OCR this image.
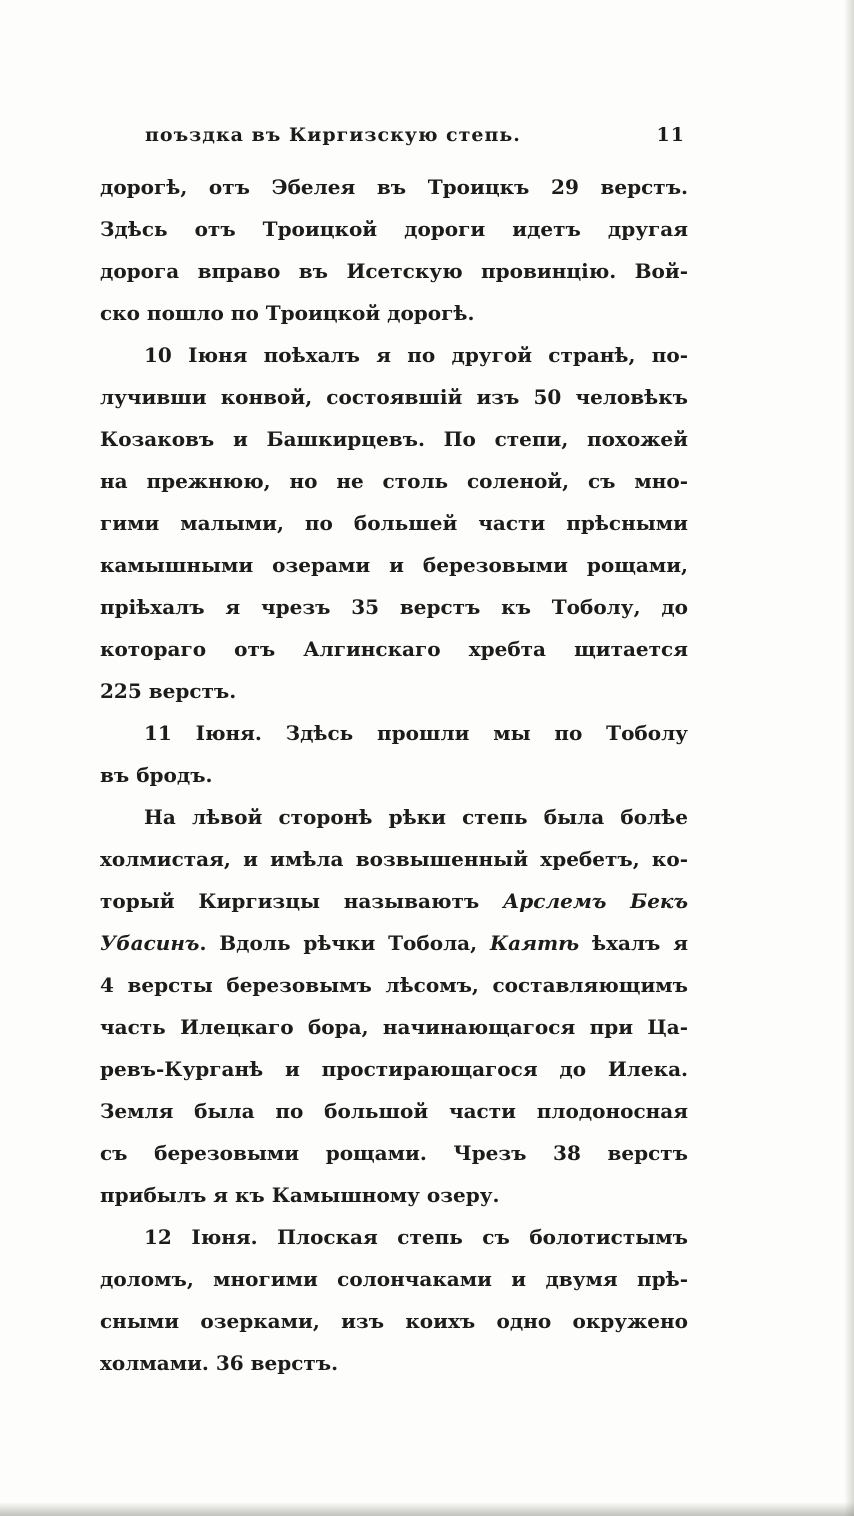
поъздка въ Киргизскую степь.	11
дорогѣ, отъ Эбелея въ Троицкъ 29 верстъ.
Здѣсь отъ Троицкой дороги идетъ другая
дорога вправо въ Исетскую провинцію. Вой-
ско пошло по Троицкой дорогѣ.
10 Іюня поѣхалъ я по другой странѣ, по-
лучивши конвой, состоявшій изъ 50 человѣкъ
Козаковъ и Башкирцевъ. По степи, похожей
на прежнюю, но не столь соленой, съ мно-
гими малыми, по большей части прѣсными
камышными озерами и березовыми рощами,
пріѣхалъ я чрезъ 35 верстъ къ Тоболу, до
котораго отъ Алгинскаго хребта щитается
225 верстъ.
11 Іюня. Здѣсь прошли мы по Тоболу
въ бродъ.
На лѣвой сторонѣ рѣки степь была болѣе
холмистая, и имѣла возвышенный хребетъ, ко-
торый Киргизцы называютъ Арслемъ Бекъ
Убасинъ. Вдоль рѣчки Тобола, Каятѣ ѣхалъ я
4 версты березовымъ лѣсомъ, составляющимъ
часть Илецкаго бора, начинающагося при Ца-
ревъ-Курганѣ и простирающагося до Илека.
Земля была по большой части плодоносная
съ березовыми рощами. Чрезъ 38 верстъ
прибылъ я къ Камышному озеру.
12 Іюня. Плоская степь съ болотистымъ
доломъ, многими солончаками и двумя прѣ-
сными озерками, изъ коихъ одно окружено
холмами. 36 верстъ.
